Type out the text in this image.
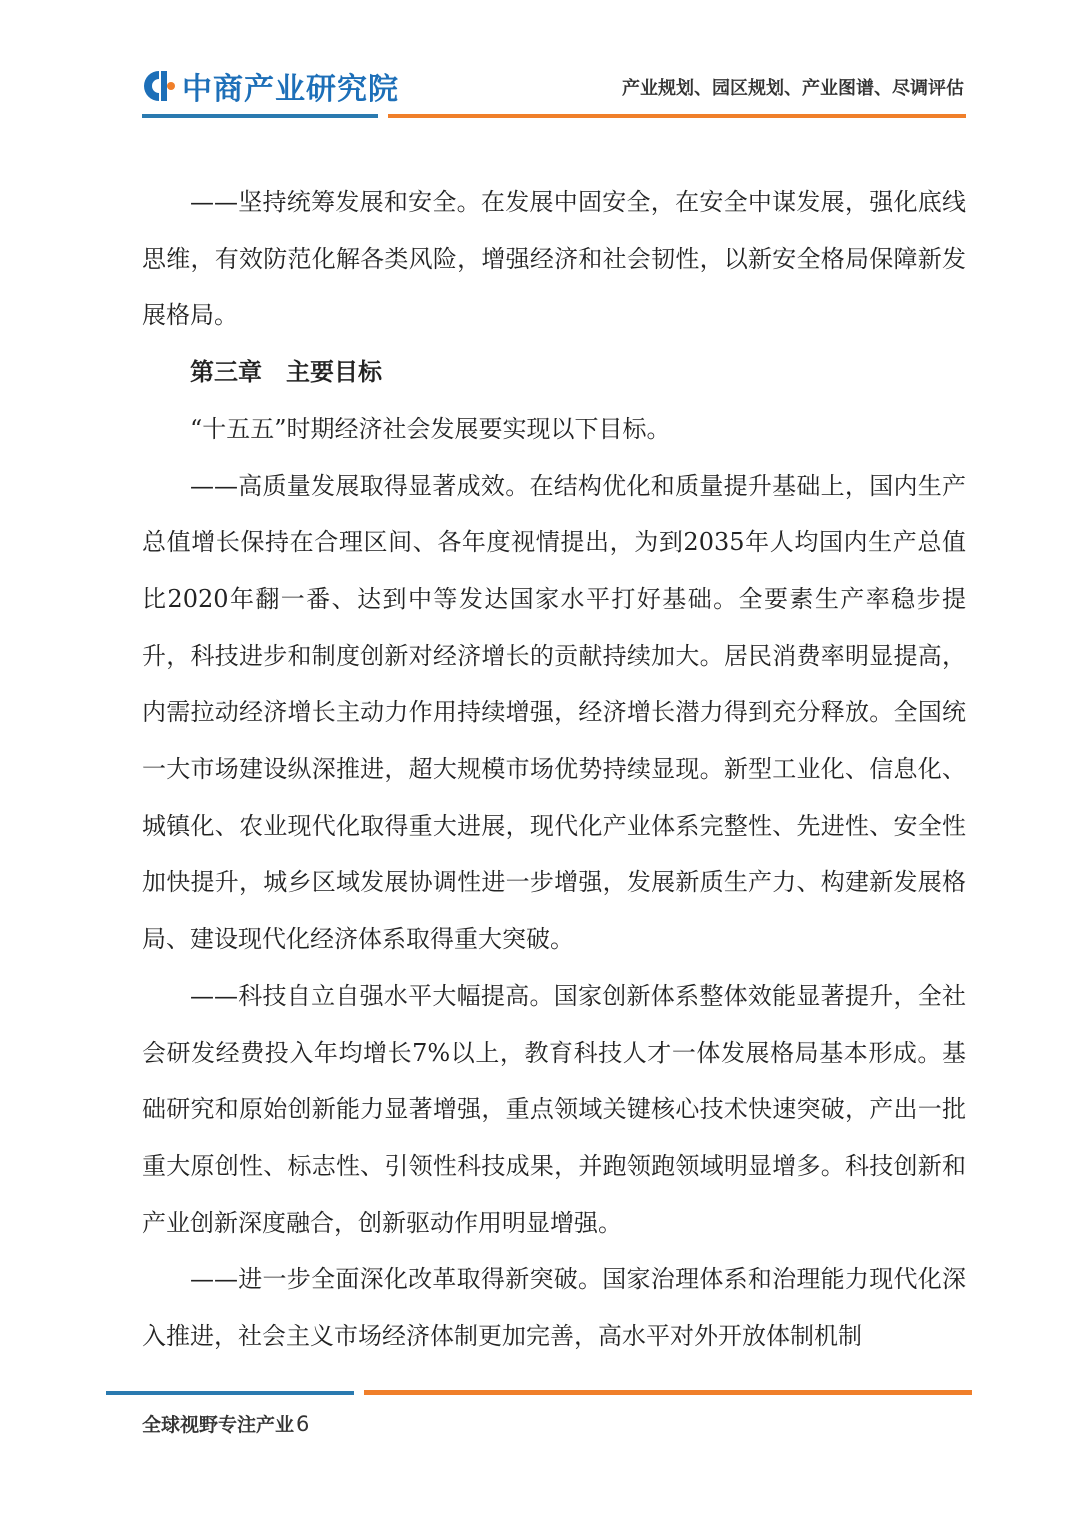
中商产业研究院	产业规划、园区规划、产业图谱、尽调评估

——坚持统筹发展和安全。在发展中固安全，在安全中谋发展，强化底线思维，有效防范化解各类风险，增强经济和社会韧性，以新安全格局保障新发展格局。

第三章　主要目标

“十五五”时期经济社会发展要实现以下目标。

——高质量发展取得显著成效。在结构优化和质量提升基础上，国内生产总值增长保持在合理区间、各年度视情提出，为到2035年人均国内生产总值比2020年翻一番、达到中等发达国家水平打好基础。全要素生产率稳步提升，科技进步和制度创新对经济增长的贡献持续加大。居民消费率明显提高，内需拉动经济增长主动力作用持续增强，经济增长潜力得到充分释放。全国统一大市场建设纵深推进，超大规模市场优势持续显现。新型工业化、信息化、城镇化、农业现代化取得重大进展，现代化产业体系完整性、先进性、安全性加快提升，城乡区域发展协调性进一步增强，发展新质生产力、构建新发展格局、建设现代化经济体系取得重大突破。

——科技自立自强水平大幅提高。国家创新体系整体效能显著提升，全社会研发经费投入年均增长7%以上，教育科技人才一体发展格局基本形成。基础研究和原始创新能力显著增强，重点领域关键核心技术快速突破，产出一批重大原创性、标志性、引领性科技成果，并跑领跑领域明显增多。科技创新和产业创新深度融合，创新驱动作用明显增强。

——进一步全面深化改革取得新突破。国家治理体系和治理能力现代化深入推进，社会主义市场经济体制更加完善，高水平对外开放体制机制

全球视野专注产业6
